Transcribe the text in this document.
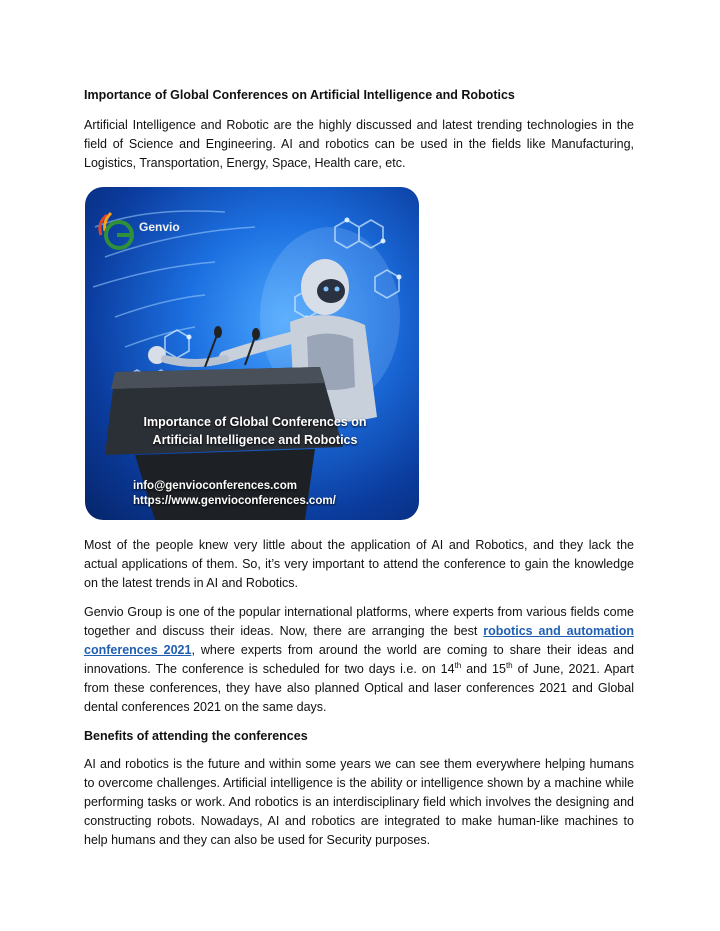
Importance of Global Conferences on Artificial Intelligence and Robotics

Artificial Intelligence and Robotic are the highly discussed and latest trending technologies in the field of Science and Engineering. AI and robotics can be used in the fields like Manufacturing, Logistics, Transportation, Energy, Space, Health care, etc.

Genvio
Importance of Global Conferences on
Artificial Intelligence and Robotics
info@genvioconferences.com
https://www.genvioconferences.com/

Most of the people knew very little about the application of AI and Robotics, and they lack the actual applications of them. So, it’s very important to attend the conference to gain the knowledge on the latest trends in AI and Robotics.

Genvio Group is one of the popular international platforms, where experts from various fields come together and discuss their ideas. Now, there are arranging the best robotics and automation conferences 2021, where experts from around the world are coming to share their ideas and innovations. The conference is scheduled for two days i.e. on 14th and 15th of June, 2021. Apart from these conferences, they have also planned Optical and laser conferences 2021 and Global dental conferences 2021 on the same days.

Benefits of attending the conferences

AI and robotics is the future and within some years we can see them everywhere helping humans to overcome challenges. Artificial intelligence is the ability or intelligence shown by a machine while performing tasks or work. And robotics is an interdisciplinary field which involves the designing and constructing robots. Nowadays, AI and robotics are integrated to make human-like machines to help humans and they can also be used for Security purposes.
